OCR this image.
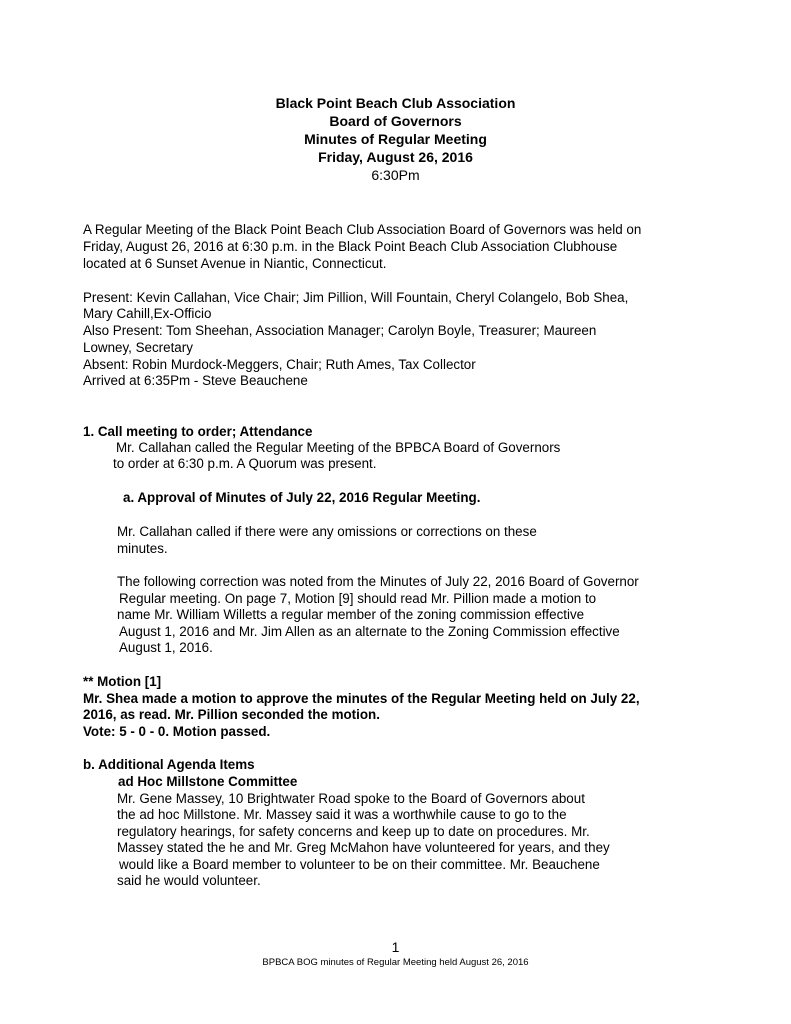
Black Point Beach Club Association
Board of Governors
Minutes of Regular Meeting
Friday, August 26, 2016
6:30Pm
A Regular Meeting of the Black Point Beach Club Association Board of Governors was held on
Friday, August 26, 2016 at 6:30 p.m. in the Black Point Beach Club Association Clubhouse
located at 6 Sunset Avenue in Niantic, Connecticut.
Present: Kevin Callahan, Vice Chair; Jim Pillion, Will Fountain, Cheryl Colangelo, Bob Shea,
Mary Cahill,Ex-Officio
Also Present: Tom Sheehan, Association Manager; Carolyn Boyle, Treasurer; Maureen
Lowney, Secretary
Absent: Robin Murdock-Meggers, Chair; Ruth Ames, Tax Collector
Arrived at 6:35Pm - Steve Beauchene
1. Call meeting to order; Attendance
Mr. Callahan called the Regular Meeting of the BPBCA Board of Governors
to order at 6:30 p.m. A Quorum was present.
a. Approval of Minutes of July 22, 2016 Regular Meeting.
Mr. Callahan called if there were any omissions or corrections on these
minutes.
The following correction was noted from the Minutes of July 22, 2016 Board of Governor
Regular meeting. On page 7, Motion [9] should read Mr. Pillion made a motion to
name Mr. William Willetts a regular member of the zoning commission effective
August 1, 2016 and Mr. Jim Allen as an alternate to the Zoning Commission effective
August 1, 2016.
** Motion [1]
Mr. Shea made a motion to approve the minutes of the Regular Meeting held on July 22,
2016, as read. Mr. Pillion seconded the motion.
Vote: 5 - 0 - 0. Motion passed.
b. Additional Agenda Items
ad Hoc Millstone Committee
Mr. Gene Massey, 10 Brightwater Road spoke to the Board of Governors about
the ad hoc Millstone. Mr. Massey said it was a worthwhile cause to go to the
regulatory hearings, for safety concerns and keep up to date on procedures. Mr.
Massey stated the he and Mr. Greg McMahon have volunteered for years, and they
would like a Board member to volunteer to be on their committee. Mr. Beauchene
said he would volunteer.
1
BPBCA BOG minutes of Regular Meeting held August 26, 2016
